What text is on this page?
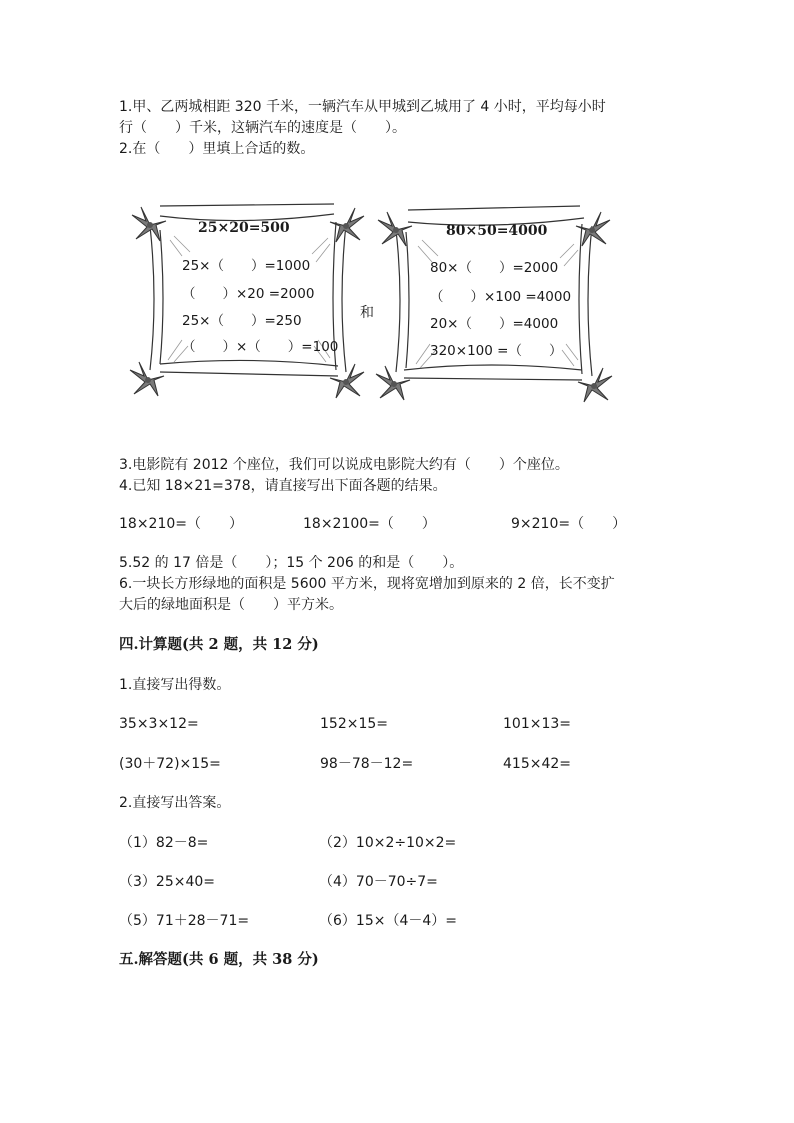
1.甲、乙两城相距 320 千米，一辆汽车从甲城到乙城用了 4 小时，平均每小时
行（　　）千米，这辆汽车的速度是（　　）。
2.在（　　）里填上合适的数。
25×20=500
25×（　　）=1000
（　　）×20 =2000
25×（　　）=250
（　　）×（　　）=100
和
80×50=4000
80×（　　）=2000
（　　）×100 =4000
20×（　　）=4000
320×100 =（　　）
3.电影院有 2012 个座位，我们可以说成电影院大约有（　　）个座位。
4.已知 18×21=378，请直接写出下面各题的结果。
18×210=（　　）	18×2100=（　　）	9×210=（　　）
5.52 的 17 倍是（　　）；15 个 206 的和是（　　）。
6.一块长方形绿地的面积是 5600 平方米，现将宽增加到原来的 2 倍，长不变扩
大后的绿地面积是（　　）平方米。
四.计算题(共 2 题，共 12 分)
1.直接写出得数。
35×3×12=	152×15=	101×13=
(30＋72)×15=	98－78－12=	415×42=
2.直接写出答案。
（1）82－8=	（2）10×2÷10×2=
（3）25×40=	（4）70－70÷7=
（5）71＋28－71=	（6）15×（4－4）=
五.解答题(共 6 题，共 38 分)
